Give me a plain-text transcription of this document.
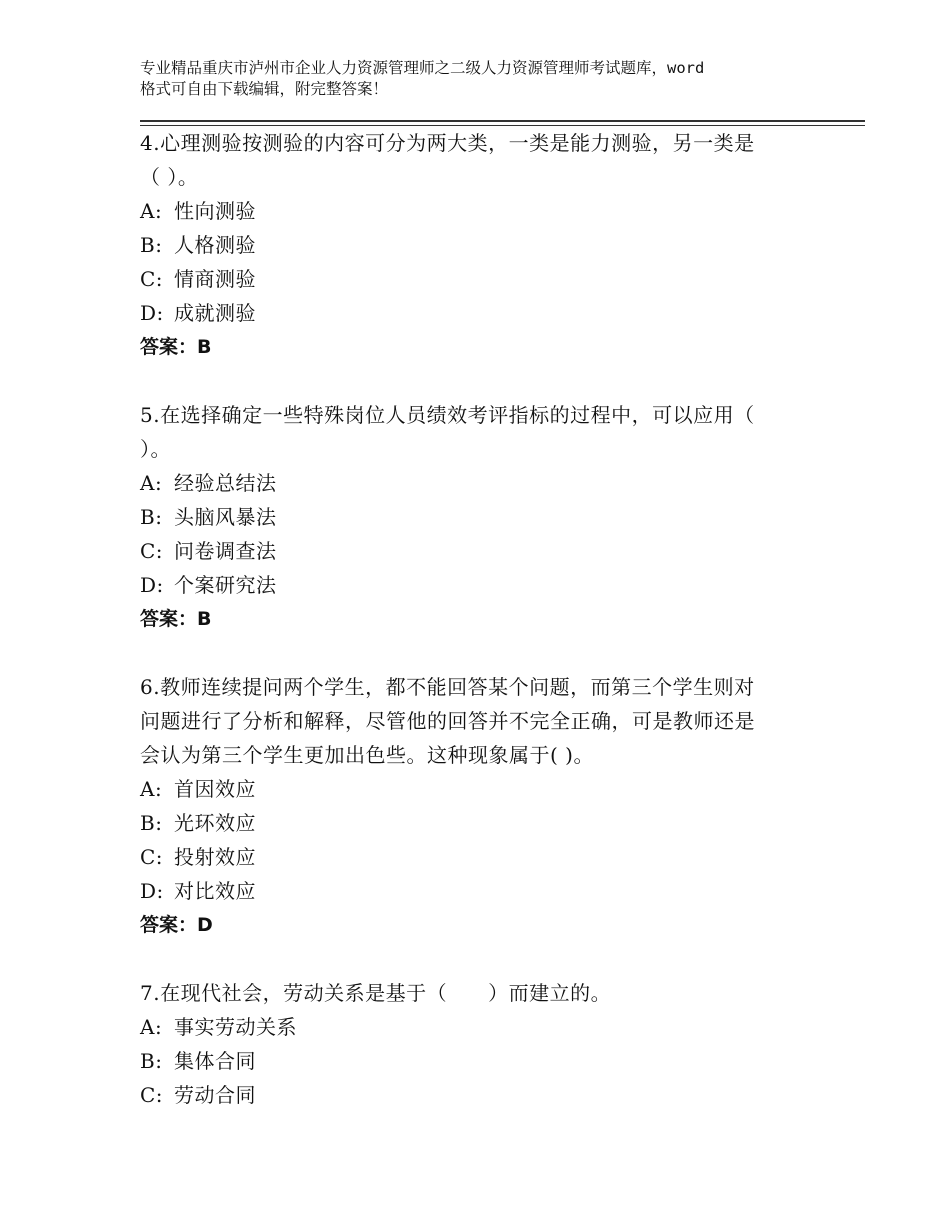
专业精品重庆市泸州市企业人力资源管理师之二级人力资源管理师考试题库，word
格式可自由下载编辑，附完整答案！
4.心理测验按测验的内容可分为两大类，一类是能力测验，另一类是
（ ）。
A: 性向测验
B: 人格测验
C: 情商测验
D: 成就测验
答案：B
5.在选择确定一些特殊岗位人员绩效考评指标的过程中，可以应用（
）。
A: 经验总结法
B: 头脑风暴法
C: 问卷调查法
D: 个案研究法
答案：B
6.教师连续提问两个学生，都不能回答某个问题，而第三个学生则对
问题进行了分析和解释，尽管他的回答并不完全正确，可是教师还是
会认为第三个学生更加出色些。这种现象属于( )。
A: 首因效应
B: 光环效应
C: 投射效应
D: 对比效应
答案：D
7.在现代社会，劳动关系是基于（　　）而建立的。
A: 事实劳动关系
B: 集体合同
C: 劳动合同
